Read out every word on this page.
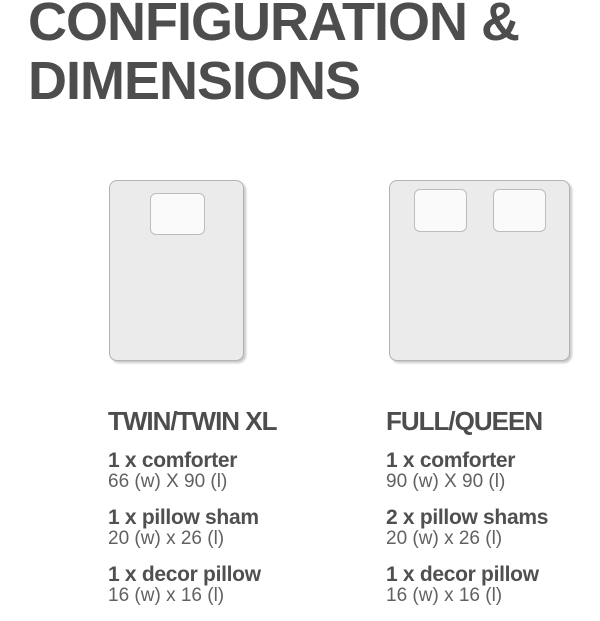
CONFIGURATION &
DIMENSIONS
TWIN/TWIN XL
1 x comforter
66 (w) X 90 (l)
1 x pillow sham
20 (w) x 26 (l)
1 x decor pillow
16 (w) x 16 (l)
FULL/QUEEN
1 x comforter
90 (w) X 90 (l)
2 x pillow shams
20 (w) x 26 (l)
1 x decor pillow
16 (w) x 16 (l)
